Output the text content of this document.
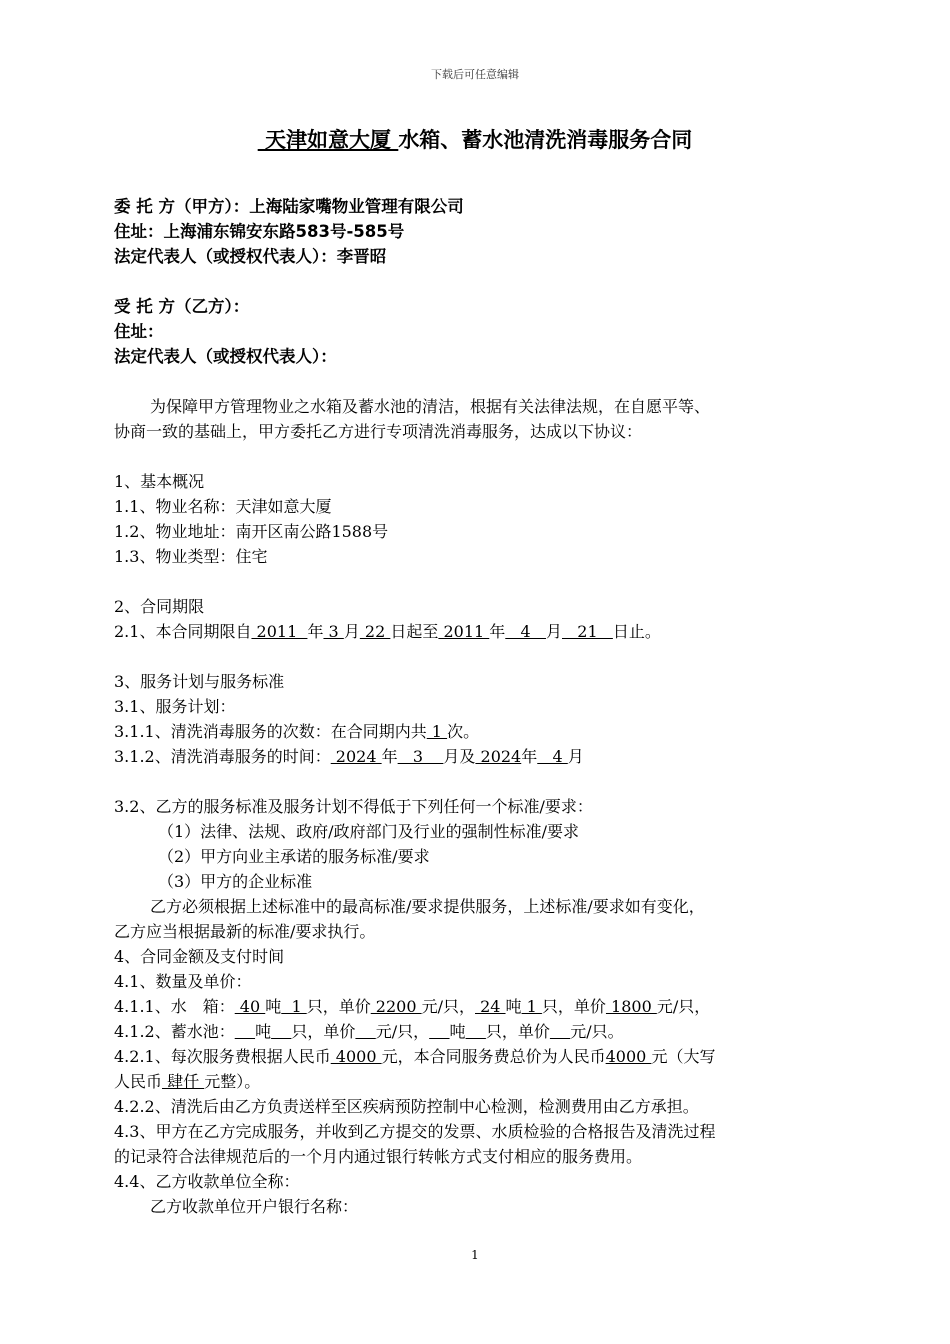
下载后可任意编辑
天津如意大厦 水箱、蓄水池清洗消毒服务合同
委 托 方（甲方）：上海陆家嘴物业管理有限公司
住址：上海浦东锦安东路583号-585号
法定代表人（或授权代表人）：李晋昭
受 托 方（乙方）：
住址：
法定代表人（或授权代表人）：
为保障甲方管理物业之水箱及蓄水池的清洁，根据有关法律法规，在自愿平等、
协商一致的基础上，甲方委托乙方进行专项清洗消毒服务，达成以下协议：
1、基本概况
1.1、物业名称：天津如意大厦
1.2、物业地址：南开区南公路1588号
1.3、物业类型：住宅
2、合同期限
2.1、本合同期限自 2011  年 3 月 22 日起至 2011 年   4   月   21   日止。
3、服务计划与服务标准
3.1、服务计划：
3.1.1、清洗消毒服务的次数：在合同期内共 1 次。
3.1.2、清洗消毒服务的时间： 2024 年   3    月及 2024年   4 月
3.2、乙方的服务标准及服务计划不得低于下列任何一个标准/要求：
（1）法律、法规、政府/政府部门及行业的强制性标准/要求
（2）甲方向业主承诺的服务标准/要求
（3）甲方的企业标准
乙方必须根据上述标准中的最高标准/要求提供服务，上述标准/要求如有变化，
乙方应当根据最新的标准/要求执行。
4、合同金额及支付时间
4.1、数量及单价：
4.1.1、水　箱： 40 吨  1 只，单价 2200 元/只， 24 吨 1 只，单价 1800 元/只，
4.1.2、蓄水池： 吨 只，单价 元/只， 吨 只，单价 元/只。
4.2.1、每次服务费根据人民币 4000 元，本合同服务费总价为人民币4000 元（大写
人民币 肆仟 元整）。
4.2.2、清洗后由乙方负责送样至区疾病预防控制中心检测，检测费用由乙方承担。
4.3、甲方在乙方完成服务，并收到乙方提交的发票、水质检验的合格报告及清洗过程
的记录符合法律规范后的一个月内通过银行转帐方式支付相应的服务费用。
4.4、乙方收款单位全称：
乙方收款单位开户银行名称：
1
